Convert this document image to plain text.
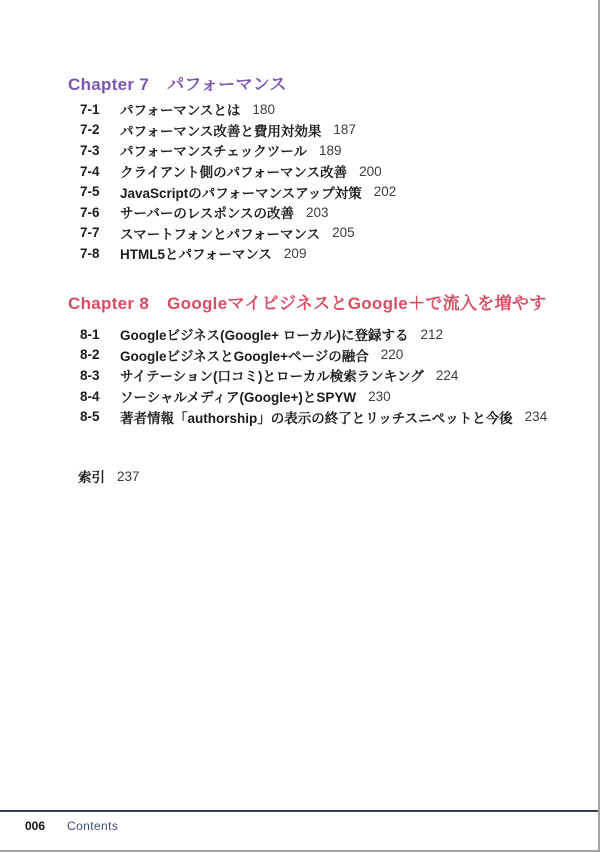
Chapter 7 パフォーマンス
7-1	パフォーマンスとは 180
7-2	パフォーマンス改善と費用対効果 187
7-3	パフォーマンスチェックツール 189
7-4	クライアント側のパフォーマンス改善 200
7-5	JavaScriptのパフォーマンスアップ対策 202
7-6	サーバーのレスポンスの改善 203
7-7	スマートフォンとパフォーマンス 205
7-8	HTML5とパフォーマンス 209
Chapter 8 GoogleマイビジネスとGoogle＋で流入を増やす
8-1	Googleビジネス(Google+ ローカル)に登録する 212
8-2	GoogleビジネスとGoogle+ページの融合 220
8-3	サイテーション(口コミ)とローカル検索ランキング 224
8-4	ソーシャルメディア(Google+)とSPYW 230
8-5	著者情報「authorship」の表示の終了とリッチスニペットと今後 234
索引 237
006 Contents
